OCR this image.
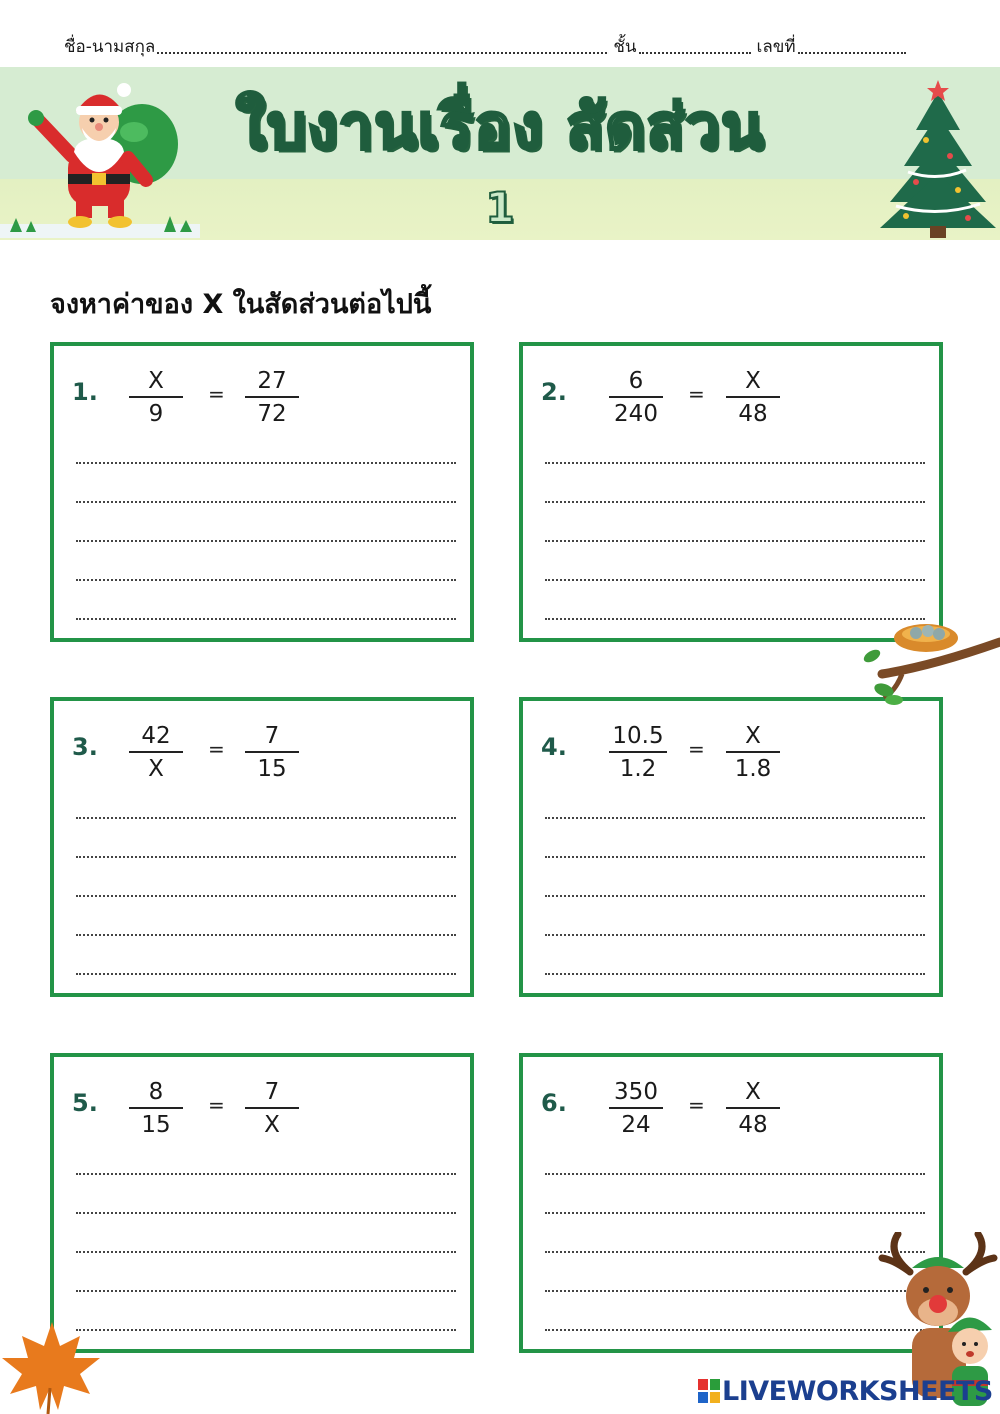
ชื่อ-นามสกุล	ชั้น	เลขที่
ใบงานเรื่อง สัดส่วน
1
จงหาค่าของ X ในสัดส่วนต่อไปนี้
1. $\frac{X}{9} = \frac{27}{72}$	2. $\frac{6}{240} = \frac{X}{48}$
3. $\frac{42}{X} = \frac{7}{15}$	4. $\frac{10.5}{1.2} = \frac{X}{1.8}$
5. $\frac{8}{15} = \frac{7}{X}$	6. $\frac{350}{24} = \frac{X}{48}$
LIVEWORKSHEETS
